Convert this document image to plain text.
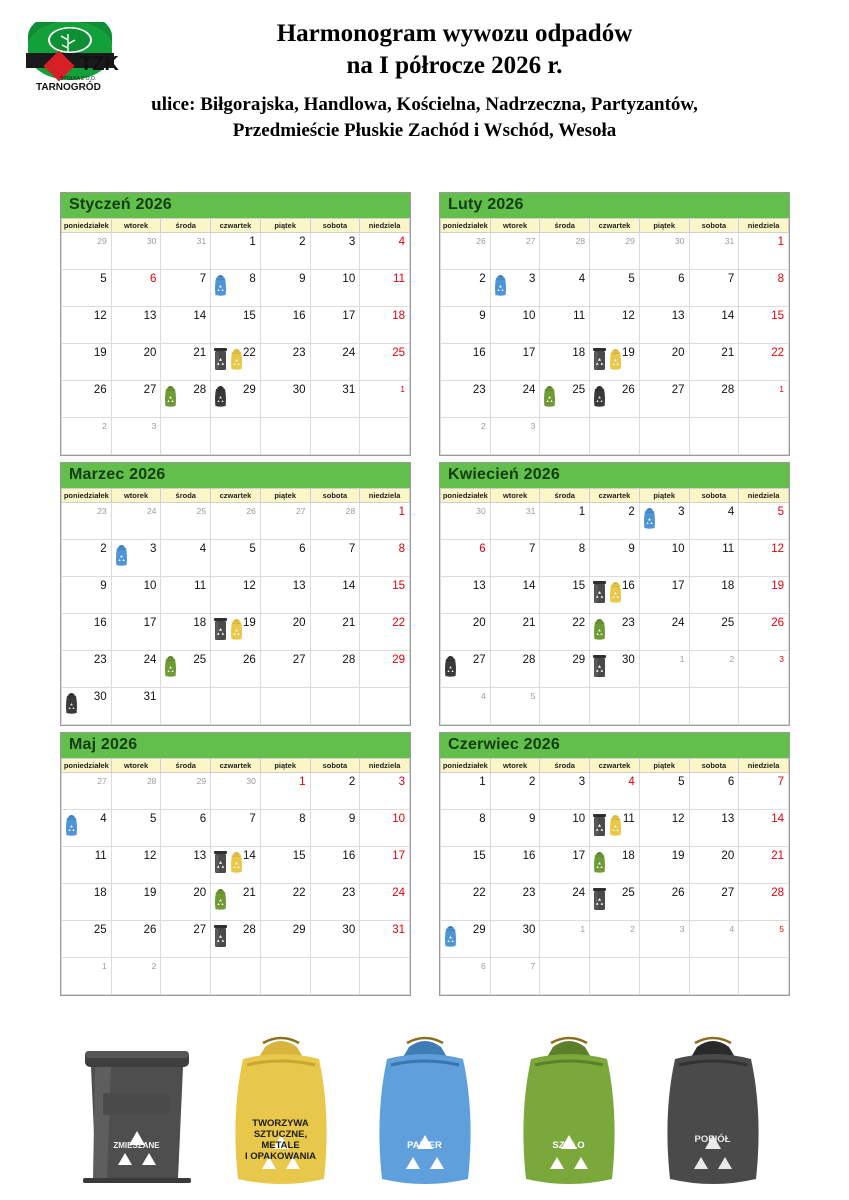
TZK
SPÓŁKA Z O.O.
TARNOGRÓD
Harmonogram wywozu odpadów
na I półrocze 2026 r.
ulice: Biłgorajska, Handlowa, Kościelna, Nadrzeczna, Partyzantów,
Przedmieście Płuskie Zachód i Wschód, Wesoła
Styczeń 2026
poniedziałek	wtorek	środa	czwartek	piątek	sobota	niedziela

29	30	31	1	2	3	4

5	6	7	8	9	10	11

12	13	14	15	16	17	18

19	20	21	22	23	24	25

26	27	28	29	30	31	1

2	3					

Luty 2026
poniedziałek	wtorek	środa	czwartek	piątek	sobota	niedziela

26	27	28	29	30	31	1

2	3	4	5	6	7	8

9	10	11	12	13	14	15

16	17	18	19	20	21	22

23	24	25	26	27	28	1

2	3					

Marzec 2026
poniedziałek	wtorek	środa	czwartek	piątek	sobota	niedziela

23	24	25	26	27	28	1

2	3	4	5	6	7	8

9	10	11	12	13	14	15

16	17	18	19	20	21	22

23	24	25	26	27	28	29

30	31					

Kwiecień 2026
poniedziałek	wtorek	środa	czwartek	piątek	sobota	niedziela

30	31	1	2	3	4	5

6	7	8	9	10	11	12

13	14	15	16	17	18	19

20	21	22	23	24	25	26

27	28	29	30	1	2	3

4	5					

Maj 2026
poniedziałek	wtorek	środa	czwartek	piątek	sobota	niedziela

27	28	29	30	1	2	3

4	5	6	7	8	9	10

11	12	13	14	15	16	17

18	19	20	21	22	23	24

25	26	27	28	29	30	31

1	2					

Czerwiec 2026
poniedziałek	wtorek	środa	czwartek	piątek	sobota	niedziela

1	2	3	4	5	6	7

8	9	10	11	12	13	14

15	16	17	18	19	20	21

22	23	24	25	26	27	28

29	30	1	2	3	4	5

6	7					

ZMIESZANE
TWORZYWA
SZTUCZNE,
METALE
I OPAKOWANIA
PAPIER	SZKŁO
POPIÓŁ
